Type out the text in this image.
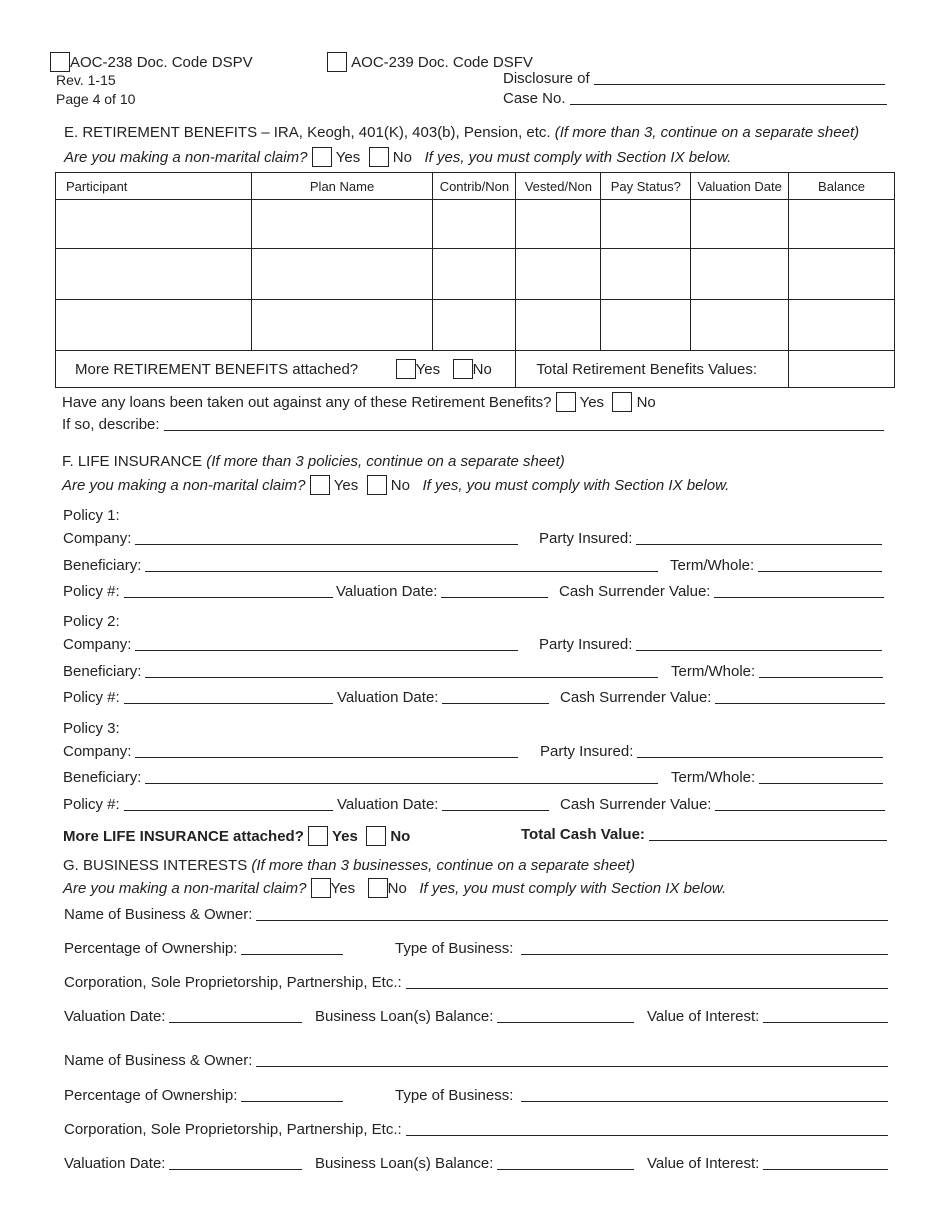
AOC-238 Doc. Code DSPV
Rev. 1-15
Page 4 of 10
AOC-239 Doc. Code DSFV
Disclosure of
Case No.
E. RETIREMENT BENEFITS – IRA, Keogh, 401(K), 403(b), Pension, etc. (If more than 3, continue on a separate sheet)
Are you making a non-marital claim? Yes No If yes, you must comply with Section IX below.
Participant	Plan Name	Contrib/Non	Vested/Non	Pay Status?	Valuation Date	Balance

More RETIREMENT BENEFITS attached? Yes No			Total Retirement Benefits Values:			
Have any loans been taken out against any of these Retirement Benefits? Yes No
If so, describe:
F. LIFE INSURANCE (If more than 3 policies, continue on a separate sheet)
Are you making a non-marital claim? Yes No If yes, you must comply with Section IX below.
Policy 1:
Company:	Party Insured:
Beneficiary:	Term/Whole:
Policy #:	Valuation Date:	Cash Surrender Value:
Policy 2:
Company:	Party Insured:
Beneficiary:	Term/Whole:
Policy #:	Valuation Date:	Cash Surrender Value:
Policy 3:
Company:	Party Insured:
Beneficiary:	Term/Whole:
Policy #:	Valuation Date:	Cash Surrender Value:
More LIFE INSURANCE attached? Yes No	Total Cash Value:
G. BUSINESS INTERESTS (If more than 3 businesses, continue on a separate sheet)
Are you making a non-marital claim? Yes No If yes, you must comply with Section IX below.
Name of Business & Owner:
Percentage of Ownership:	Type of Business:
Corporation, Sole Proprietorship, Partnership, Etc.:
Valuation Date:	Business Loan(s) Balance:	Value of Interest:
Name of Business & Owner:
Percentage of Ownership:	Type of Business:
Corporation, Sole Proprietorship, Partnership, Etc.:
Valuation Date:	Business Loan(s) Balance:	Value of Interest:
